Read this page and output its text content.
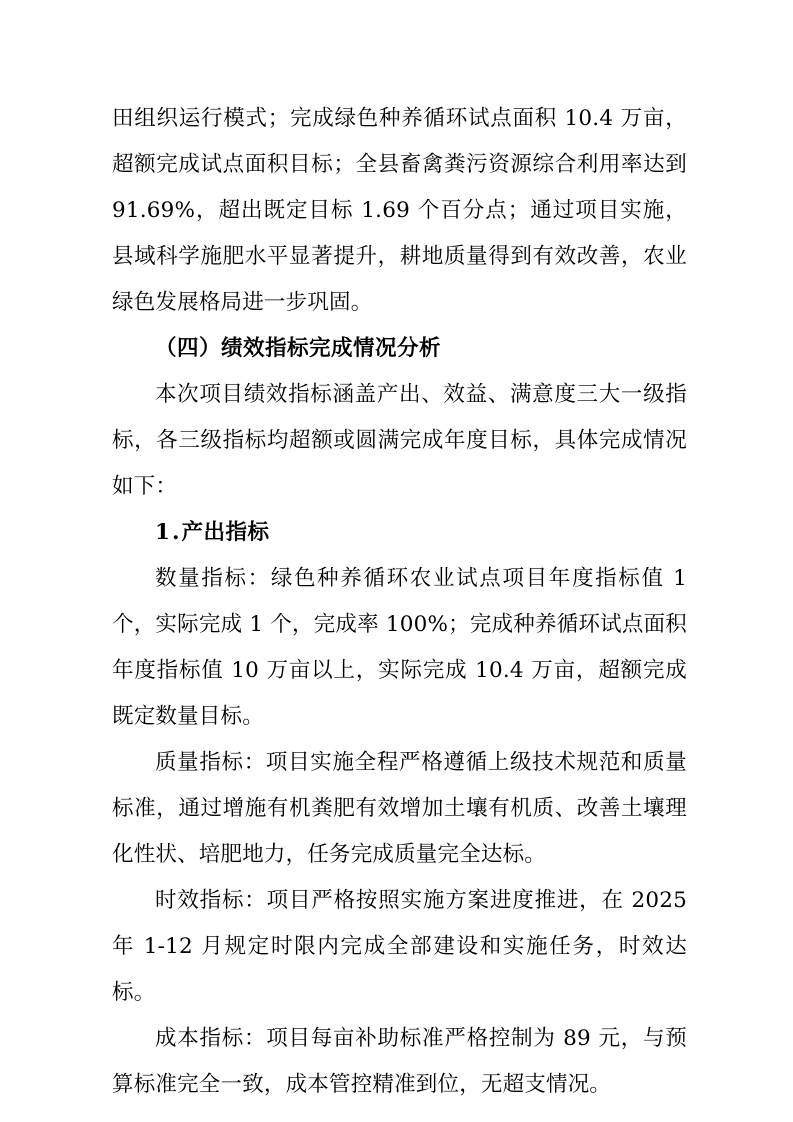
田组织运行模式；完成绿色种养循环试点面积 10.4 万亩，超额完成试点面积目标；全县畜禽粪污资源综合利用率达到 91.69%，超出既定目标 1.69 个百分点；通过项目实施，县域科学施肥水平显著提升，耕地质量得到有效改善，农业绿色发展格局进一步巩固。

（四）绩效指标完成情况分析

本次项目绩效指标涵盖产出、效益、满意度三大一级指标，各三级指标均超额或圆满完成年度目标，具体完成情况如下：

1.产出指标

数量指标：绿色种养循环农业试点项目年度指标值 1 个，实际完成 1 个，完成率 100%；完成种养循环试点面积年度指标值 10 万亩以上，实际完成 10.4 万亩，超额完成既定数量目标。

质量指标：项目实施全程严格遵循上级技术规范和质量标准，通过增施有机粪肥有效增加土壤有机质、改善土壤理化性状、培肥地力，任务完成质量完全达标。

时效指标：项目严格按照实施方案进度推进，在 2025 年 1-12 月规定时限内完成全部建设和实施任务，时效达标。

成本指标：项目每亩补助标准严格控制为 89 元，与预算标准完全一致，成本管控精准到位，无超支情况。
